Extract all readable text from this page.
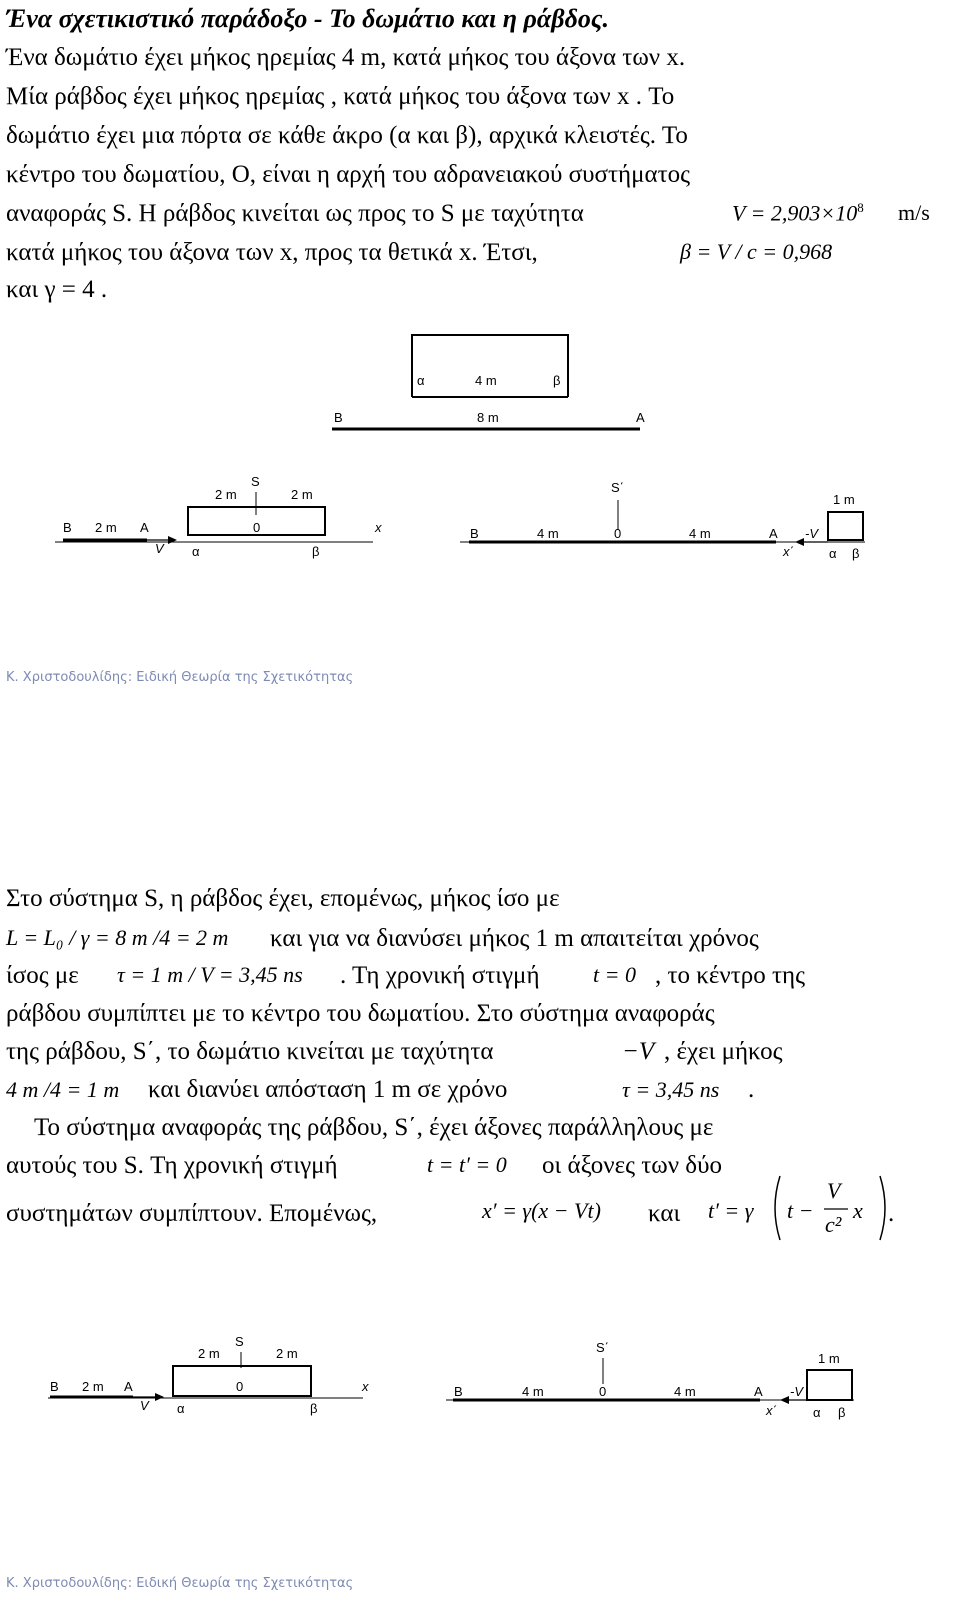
Ένα σχετικιστικό παράδοξο - Το δωμάτιο και η ράβδος.
Ένα δωμάτιο έχει μήκος ηρεμίας 4 m, κατά μήκος του άξονα των x.
Μία ράβδος έχει μήκος ηρεμίας , κατά μήκος του άξονα των x . Το
δωμάτιο έχει μια πόρτα σε κάθε άκρο (α και β), αρχικά κλειστές. Το
κέντρο του δωματίου, Ο, είναι η αρχή του αδρανειακού συστήματος
αναφοράς S. Η ράβδος κινείται ως προς το S με ταχύτητα	$V = 2,903\times 10^8$ m/s
κατά μήκος του άξονα των x, προς τα θετικά x. Έτσι,	β = V / c = 0,968
και γ = 4 .
α	4 m	β
Β	8 m	Α
S
2 m	2 m
B 2 m A
V
0	x
α	β
S΄
1 m
B	4 m	0	4 m	A -V
x΄	α β
Κ. Χριστοδουλίδης: Ειδική Θεωρία της Σχετικότητας
Στο σύστημα S, η ράβδος έχει, επομένως, μήκος ίσο με
L = L₀ / γ = 8 m /4 = 2 m και για να διανύσει μήκος 1 m απαιτείται χρόνος
ίσος με τ = 1 m / V = 3,45 ns . Τη χρονική στιγμή t = 0 , το κέντρο της
ράβδου συμπίπτει με το κέντρο του δωματίου. Στο σύστημα αναφοράς
της ράβδου, S΄, το δωμάτιο κινείται με ταχύτητα	−V , έχει μήκος
4 m /4 = 1 m και διανύει απόσταση 1 m σε χρόνο	τ = 3,45 ns .
Το σύστημα αναφοράς της ράβδου, S΄, έχει άξονες παράλληλους με
αυτούς του S. Τη χρονική στιγμή	t = t′ = 0 οι άξονες των δύο
συστημάτων συμπίπτουν. Επομένως,	x′ = γ(x − Vt) και t′ = γ t −
V
c²
x .
S
2 m	2 m
B 2 m A
V
0	x
α	β
S΄
1 m
B	4 m	0	4 m	A -V
x΄	α β
Κ. Χριστοδουλίδης: Ειδική Θεωρία της Σχετικότητας
